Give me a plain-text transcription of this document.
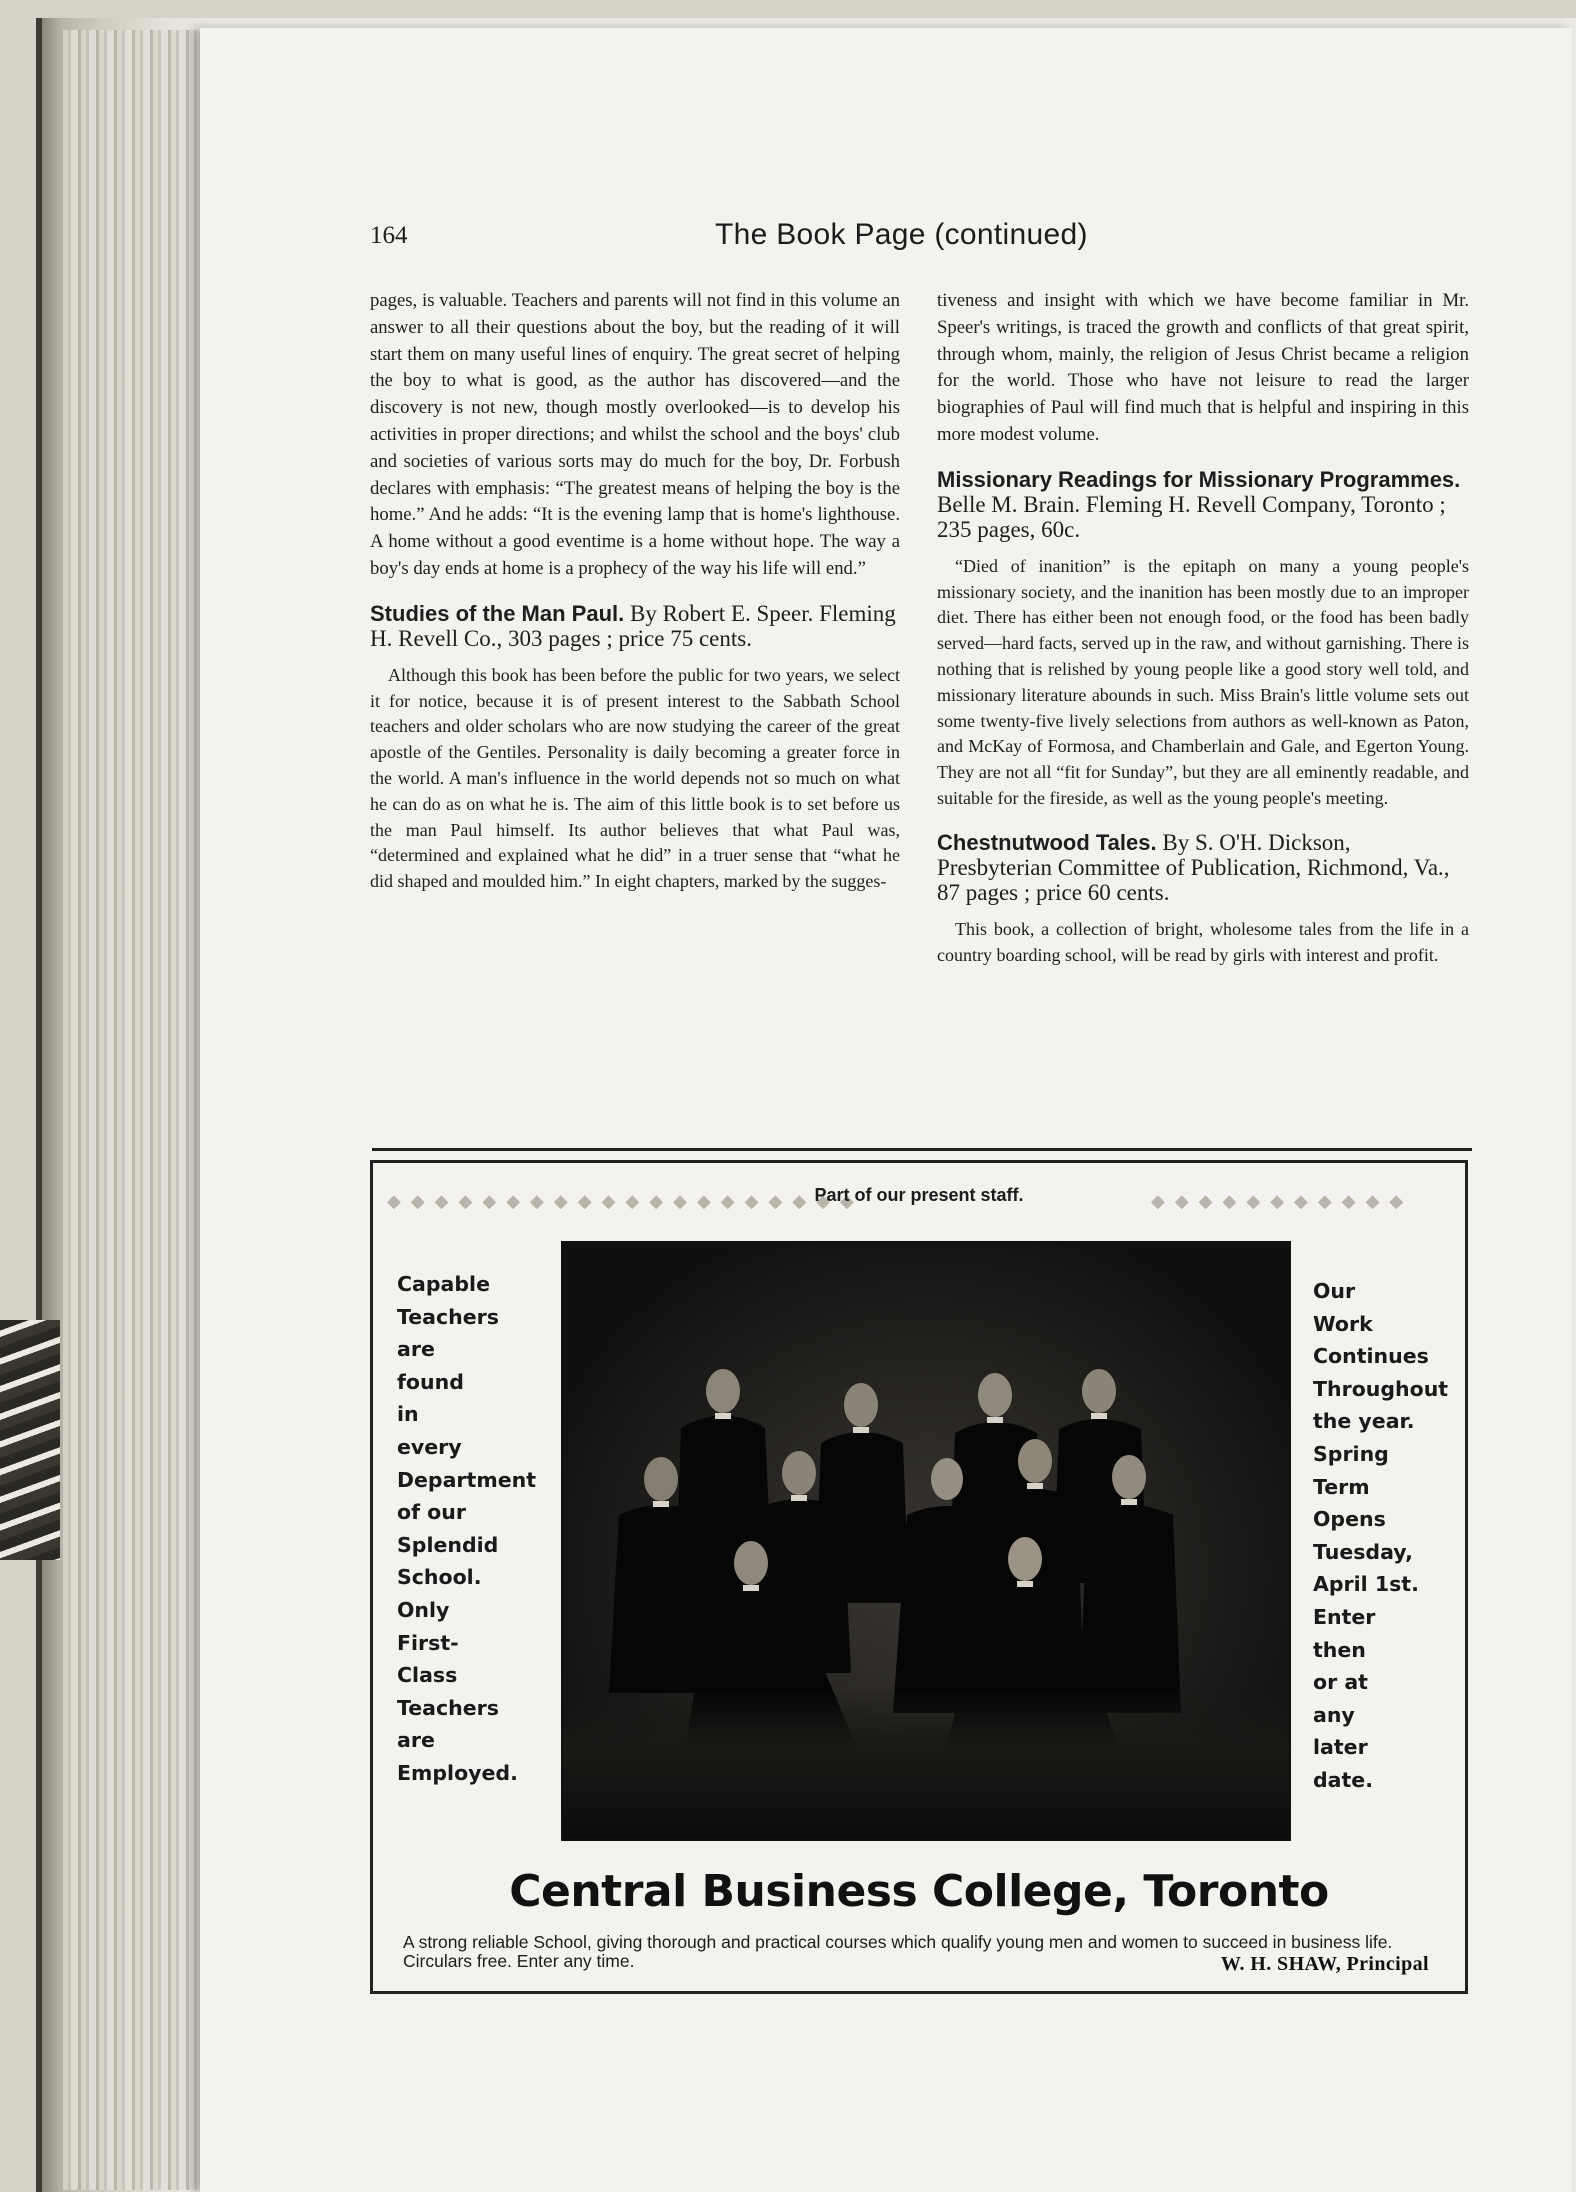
164	The Book Page (continued)

pages, is valuable. Teachers and parents will not find in this volume an answer to all their questions about the boy, but the reading of it will start them on many useful lines of enquiry. The great secret of helping the boy to what is good, as the author has discovered—and the discovery is not new, though mostly overlooked—is to develop his activities in proper directions; and whilst the school and the boys' club and societies of various sorts may do much for the boy, Dr. Forbush declares with emphasis: “The greatest means of helping the boy is the home.” And he adds: “It is the evening lamp that is home's lighthouse. A home without a good eventime is a home without hope. The way a boy's day ends at home is a prophecy of the way his life will end.”

Studies of the Man Paul. By Robert E. Speer. Fleming H. Revell Co., 303 pages ; price 75 cents.

Although this book has been before the public for two years, we select it for notice, because it is of present interest to the Sabbath School teachers and older scholars who are now studying the career of the great apostle of the Gentiles. Personality is daily becoming a greater force in the world. A man's influence in the world depends not so much on what he can do as on what he is. The aim of this little book is to set before us the man Paul himself. Its author believes that what Paul was, “determined and explained what he did” in a truer sense that “what he did shaped and moulded him.” In eight chapters, marked by the sugges-

tiveness and insight with which we have become familiar in Mr. Speer's writings, is traced the growth and conflicts of that great spirit, through whom, mainly, the religion of Jesus Christ became a religion for the world. Those who have not leisure to read the larger biographies of Paul will find much that is helpful and inspiring in this more modest volume.

Missionary Readings for Missionary Programmes. Belle M. Brain. Fleming H. Revell Company, Toronto ; 235 pages, 60c.

“Died of inanition” is the epitaph on many a young people's missionary society, and the inanition has been mostly due to an improper diet. There has either been not enough food, or the food has been badly served—hard facts, served up in the raw, and without garnishing. There is nothing that is relished by young people like a good story well told, and missionary literature abounds in such. Miss Brain's little volume sets out some twenty-five lively selections from authors as well-known as Paton, and McKay of Formosa, and Chamberlain and Gale, and Egerton Young. They are not all “fit for Sunday”, but they are all eminently readable, and suitable for the fireside, as well as the young people's meeting.

Chestnutwood Tales. By S. O'H. Dickson, Presbyterian Committee of Publication, Richmond, Va., 87 pages ; price 60 cents.

This book, a collection of bright, wholesome tales from the life in a country boarding school, will be read by girls with interest and profit.

◆◆◆◆◆◆◆◆◆◆◆◆◆◆◆◆◆◆◆◆	◆◆◆◆◆◆◆◆◆◆◆
Part of our present staff.
Capable
Teachers
are
found
in
every
Department
of our
Splendid
School.
Only
First-
Class
Teachers
are
Employed.
Our
Work
Continues
Throughout
the year.
Spring
Term
Opens
Tuesday,
April 1st.
Enter
then
or at
any
later
date.
Central Business College, Toronto
A strong reliable School, giving thorough and practical courses which qualify young men and women to succeed in business life. Circulars free. Enter any time.	W. H. SHAW, Principal
